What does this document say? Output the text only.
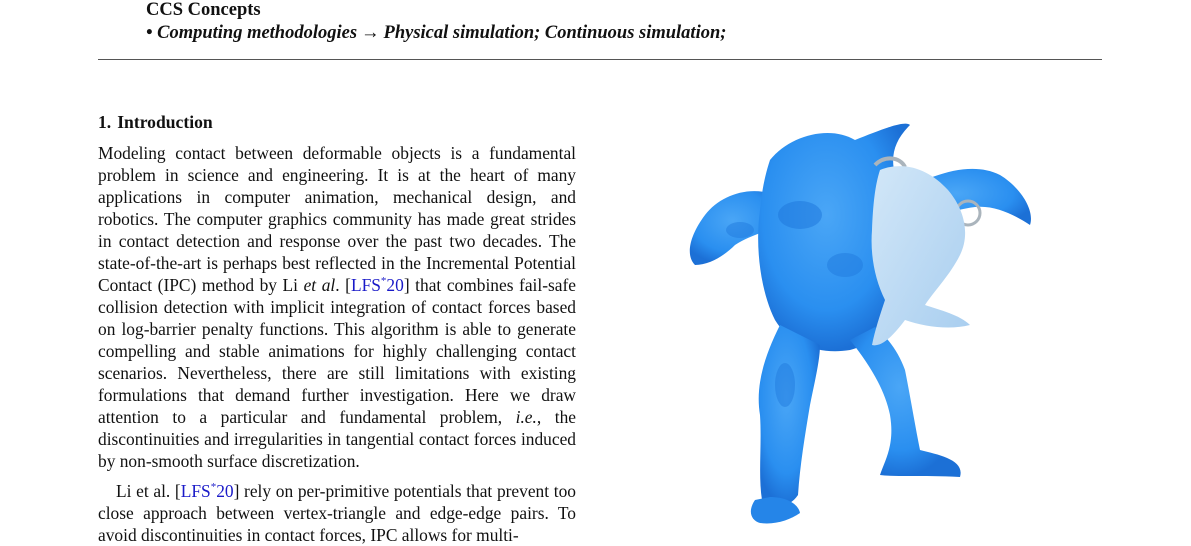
CCS Concepts
• Computing methodologies → Physical simulation; Continuous simulation;
1. Introduction

Modeling contact between deformable objects is a fundamental problem in science and engineering. It is at the heart of many applications in computer animation, mechanical design, and robotics. The computer graphics community has made great strides in contact detection and response over the past two decades. The state-of-the-art is perhaps best reflected in the Incremental Potential Contact (IPC) method by Li et al. [LFS*20] that combines fail-safe collision detection with implicit integration of contact forces based on log-barrier penalty functions. This algorithm is able to generate compelling and stable animations for highly challenging contact scenarios. Nevertheless, there are still limitations with existing formulations that demand further investigation. Here we draw attention to a particular and fundamental problem, i.e., the discontinuities and irregularities in tangential contact forces induced by non-smooth surface discretization.

Li et al. [LFS*20] rely on per-primitive potentials that prevent too close approach between vertex-triangle and edge-edge pairs. To avoid discontinuities in contact forces, IPC allows for multi-
